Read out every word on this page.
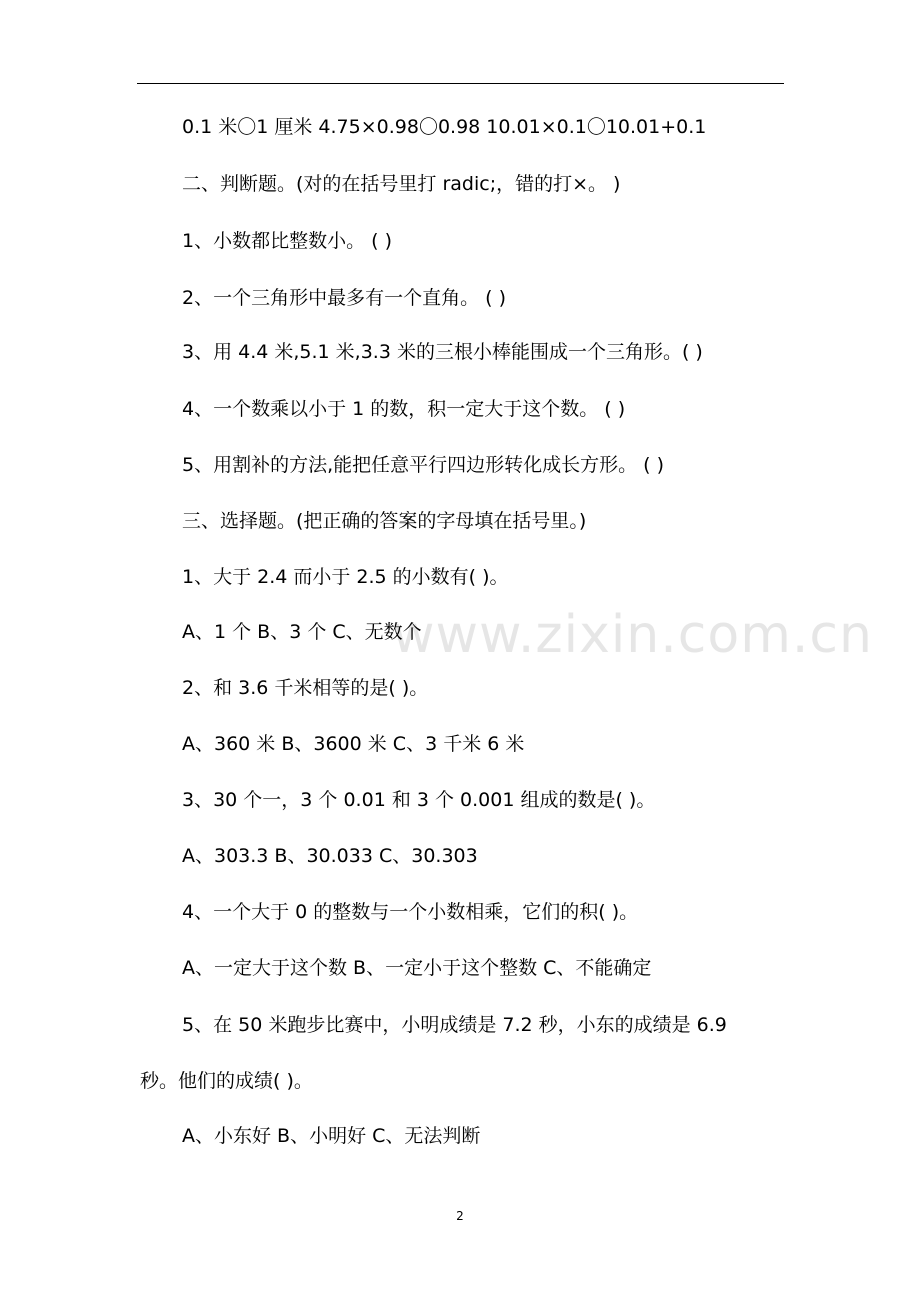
www.zixin.com.cn
0.1 米〇1 厘米 4.75×0.98〇0.98 10.01×0.1〇10.01+0.1
二、判断题。(对的在括号里打 radic;，错的打×。 )
1、小数都比整数小。 ( )
2、一个三角形中最多有一个直角。 ( )
3、用 4.4 米,5.1 米,3.3 米的三根小棒能围成一个三角形。( )
4、一个数乘以小于 1 的数，积一定大于这个数。 ( )
5、用割补的方法,能把任意平行四边形转化成长方形。 ( )
三、选择题。(把正确的答案的字母填在括号里。)
1、大于 2.4 而小于 2.5 的小数有( )。
A、1 个 B、3 个 C、无数个
2、和 3.6 千米相等的是( )。
A、360 米 B、3600 米 C、3 千米 6 米
3、30 个一，3 个 0.01 和 3 个 0.001 组成的数是( )。
A、303.3 B、30.033 C、30.303
4、一个大于 0 的整数与一个小数相乘，它们的积( )。
A、一定大于这个数 B、一定小于这个整数 C、不能确定
5、在 50 米跑步比赛中，小明成绩是 7.2 秒，小东的成绩是 6.9
秒。他们的成绩( )。
A、小东好 B、小明好 C、无法判断
2
